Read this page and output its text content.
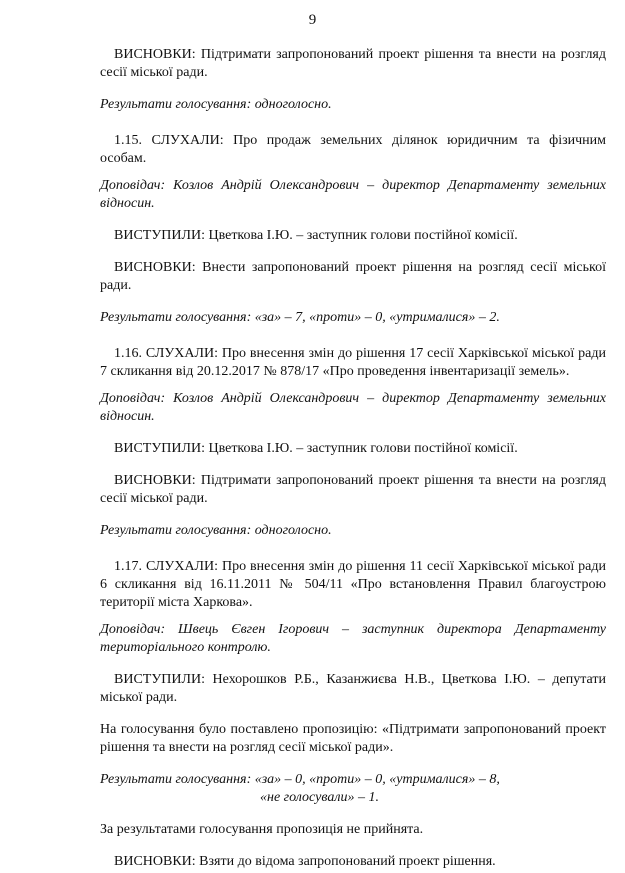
9

ВИСНОВКИ: Підтримати запропонований проект рішення та внести на розгляд сесії міської ради.

Результати голосування: одноголосно.

1.15. СЛУХАЛИ: Про продаж земельних ділянок юридичним та фізичним особам.

Доповідач: Козлов Андрій Олександрович – директор Департаменту земельних відносин.

ВИСТУПИЛИ: Цветкова І.Ю. – заступник голови постійної комісії.

ВИСНОВКИ: Внести запропонований проект рішення на розгляд сесії міської ради.

Результати голосування: «за» – 7, «проти» – 0, «утрималися» – 2.

1.16. СЛУХАЛИ: Про внесення змін до рішення 17 сесії Харківської міської ради 7 скликання від 20.12.2017 № 878/17 «Про проведення інвентаризації земель».

Доповідач: Козлов Андрій Олександрович – директор Департаменту земельних відносин.

ВИСТУПИЛИ: Цветкова І.Ю. – заступник голови постійної комісії.

ВИСНОВКИ: Підтримати запропонований проект рішення та внести на розгляд сесії міської ради.

Результати голосування: одноголосно.

1.17. СЛУХАЛИ: Про внесення змін до рішення 11 сесії Харківської міської ради 6 скликання від 16.11.2011 № 504/11 «Про встановлення Правил благоустрою території міста Харкова».

Доповідач: Швець Євген Ігорович – заступник директора Департаменту територіального контролю.

ВИСТУПИЛИ: Нехорошков Р.Б., Казанжиєва Н.В., Цветкова І.Ю. – депутати міської ради.

На голосування було поставлено пропозицію: «Підтримати запропонований проект рішення та внести на розгляд сесії міської ради».

Результати голосування: «за» – 0, «проти» – 0, «утрималися» – 8,
«не голосували» – 1.

За результатами голосування пропозиція не прийнята.

ВИСНОВКИ: Взяти до відома запропонований проект рішення.
